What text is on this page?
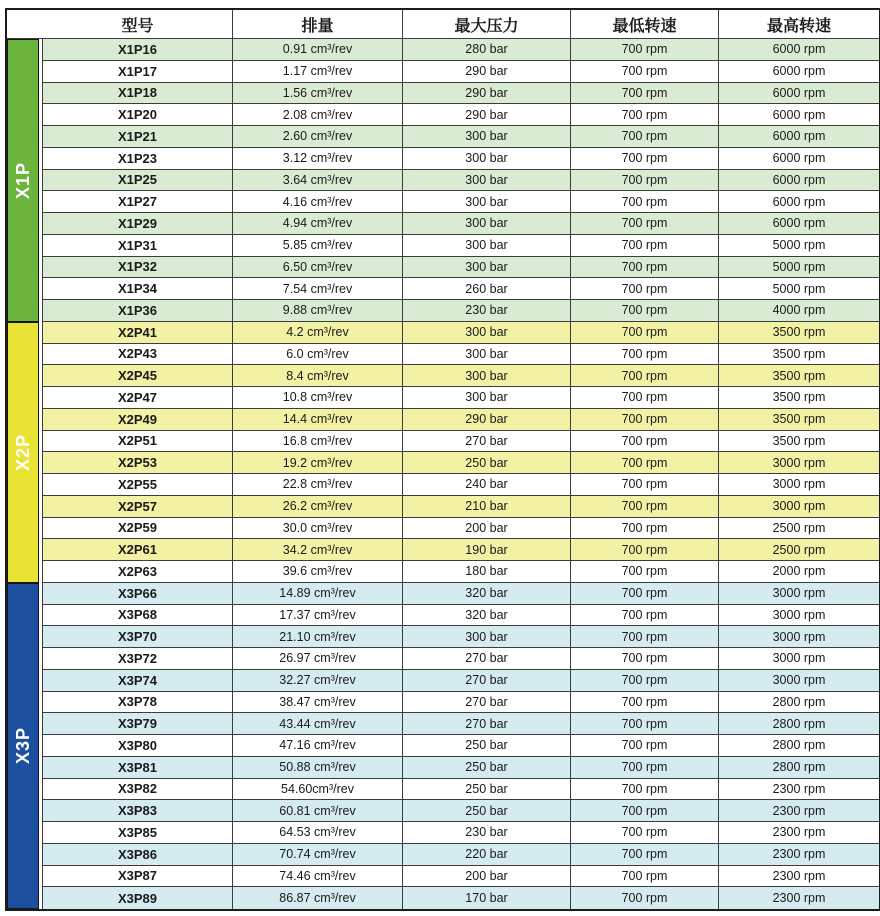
型号	排量	最大压力	最低转速	最高转速
X1P
X1P16	0.91 cm³/rev	280 bar	700 rpm	6000 rpm
X1P17	1.17 cm³/rev	290 bar	700 rpm	6000 rpm
X1P18	1.56 cm³/rev	290 bar	700 rpm	6000 rpm
X1P20	2.08 cm³/rev	290 bar	700 rpm	6000 rpm
X1P21	2.60 cm³/rev	300 bar	700 rpm	6000 rpm
X1P23	3.12 cm³/rev	300 bar	700 rpm	6000 rpm
X1P25	3.64 cm³/rev	300 bar	700 rpm	6000 rpm
X1P27	4.16 cm³/rev	300 bar	700 rpm	6000 rpm
X1P29	4.94 cm³/rev	300 bar	700 rpm	6000 rpm
X1P31	5.85 cm³/rev	300 bar	700 rpm	5000 rpm
X1P32	6.50 cm³/rev	300 bar	700 rpm	5000 rpm
X1P34	7.54 cm³/rev	260 bar	700 rpm	5000 rpm
X1P36	9.88 cm³/rev	230 bar	700 rpm	4000 rpm
X2P
X2P41	4.2 cm³/rev	300 bar	700 rpm	3500 rpm
X2P43	6.0 cm³/rev	300 bar	700 rpm	3500 rpm
X2P45	8.4 cm³/rev	300 bar	700 rpm	3500 rpm
X2P47	10.8 cm³/rev	300 bar	700 rpm	3500 rpm
X2P49	14.4 cm³/rev	290 bar	700 rpm	3500 rpm
X2P51	16.8 cm³/rev	270 bar	700 rpm	3500 rpm
X2P53	19.2 cm³/rev	250 bar	700 rpm	3000 rpm
X2P55	22.8 cm³/rev	240 bar	700 rpm	3000 rpm
X2P57	26.2 cm³/rev	210 bar	700 rpm	3000 rpm
X2P59	30.0 cm³/rev	200 bar	700 rpm	2500 rpm
X2P61	34.2 cm³/rev	190 bar	700 rpm	2500 rpm
X2P63	39.6 cm³/rev	180 bar	700 rpm	2000 rpm
X3P
X3P66	14.89 cm³/rev	320 bar	700 rpm	3000 rpm
X3P68	17.37 cm³/rev	320 bar	700 rpm	3000 rpm
X3P70	21.10 cm³/rev	300 bar	700 rpm	3000 rpm
X3P72	26.97 cm³/rev	270 bar	700 rpm	3000 rpm
X3P74	32.27 cm³/rev	270 bar	700 rpm	3000 rpm
X3P78	38.47 cm³/rev	270 bar	700 rpm	2800 rpm
X3P79	43.44 cm³/rev	270 bar	700 rpm	2800 rpm
X3P80	47.16 cm³/rev	250 bar	700 rpm	2800 rpm
X3P81	50.88 cm³/rev	250 bar	700 rpm	2800 rpm
X3P82	54.60cm³/rev	250 bar	700 rpm	2300 rpm
X3P83	60.81 cm³/rev	250 bar	700 rpm	2300 rpm
X3P85	64.53 cm³/rev	230 bar	700 rpm	2300 rpm
X3P86	70.74 cm³/rev	220 bar	700 rpm	2300 rpm
X3P87	74.46 cm³/rev	200 bar	700 rpm	2300 rpm
X3P89	86.87 cm³/rev	170 bar	700 rpm	2300 rpm
